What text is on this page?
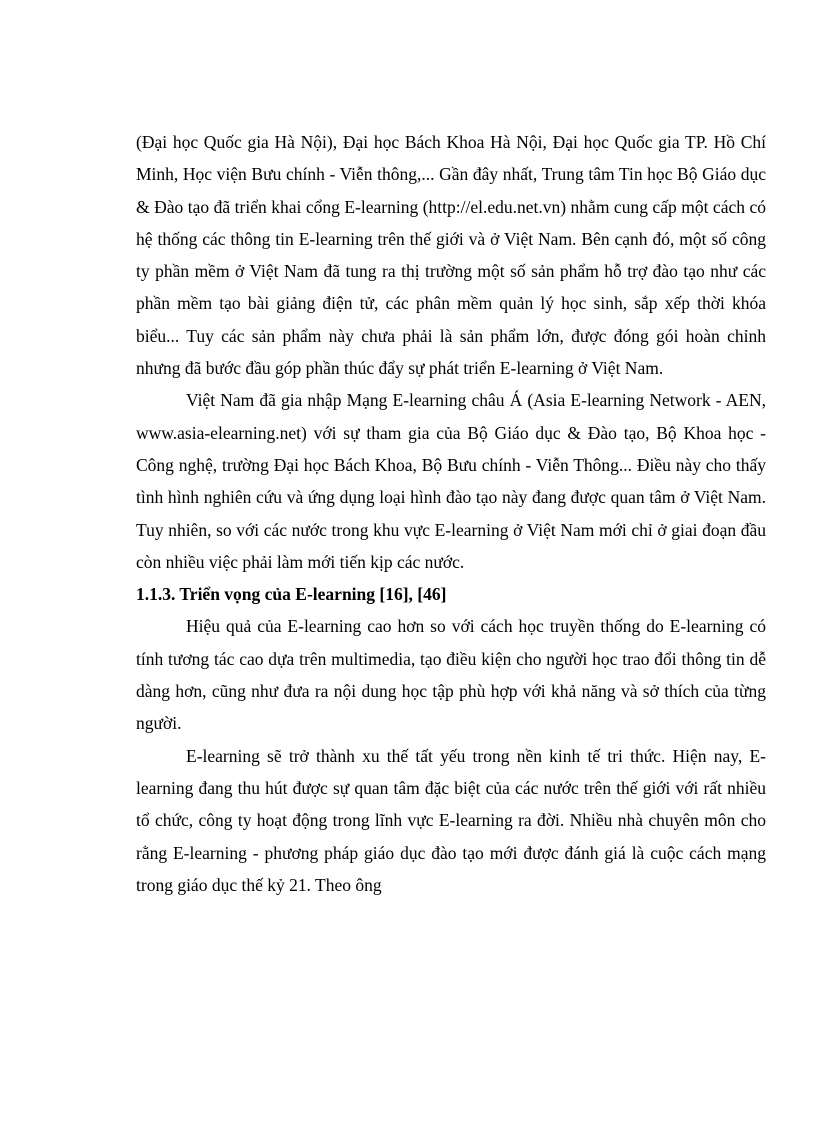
(Đại học Quốc gia Hà Nội), Đại học Bách Khoa Hà Nội, Đại học Quốc gia TP. Hồ Chí Minh, Học viện Bưu chính - Viễn thông,... Gần đây nhất, Trung tâm Tin học Bộ Giáo dục & Đào tạo đã triển khai cổng E-learning (http://el.edu.net.vn) nhằm cung cấp một cách có hệ thống các thông tin E-learning trên thế giới và ở Việt Nam. Bên cạnh đó, một số công ty phần mềm ở Việt Nam đã tung ra thị trường một số sản phẩm hỗ trợ đào tạo như các phần mềm tạo bài giảng điện tử, các phân mềm quản lý học sinh, sắp xếp thời khóa biểu... Tuy các sản phẩm này chưa phải là sản phẩm lớn, được đóng gói hoàn chỉnh nhưng đã bước đầu góp phần thúc đẩy sự phát triển E-learning ở Việt Nam.

Việt Nam đã gia nhập Mạng E-learning châu Á (Asia E-learning Network - AEN, www.asia-elearning.net) với sự tham gia của Bộ Giáo dục & Đào tạo, Bộ Khoa học - Công nghệ, trường Đại học Bách Khoa, Bộ Bưu chính - Viễn Thông... Điều này cho thấy tình hình nghiên cứu và ứng dụng loại hình đào tạo này đang được quan tâm ở Việt Nam. Tuy nhiên, so với các nước trong khu vực E-learning ở Việt Nam mới chỉ ở giai đoạn đầu còn nhiều việc phải làm mới tiến kịp các nước.

1.1.3. Triển vọng của E-learning [16], [46]

Hiệu quả của E-learning cao hơn so với cách học truyền thống do E-learning có tính tương tác cao dựa trên multimedia, tạo điều kiện cho người học trao đổi thông tin dễ dàng hơn, cũng như đưa ra nội dung học tập phù hợp với khả năng và sở thích của từng người.

E-learning sẽ trở thành xu thế tất yếu trong nền kinh tế tri thức. Hiện nay, E-learning đang thu hút được sự quan tâm đặc biệt của các nước trên thế giới với rất nhiều tổ chức, công ty hoạt động trong lĩnh vực E-learning ra đời. Nhiều nhà chuyên môn cho rằng E-learning - phương pháp giáo dục đào tạo mới được đánh giá là cuộc cách mạng trong giáo dục thế kỷ 21. Theo ông
